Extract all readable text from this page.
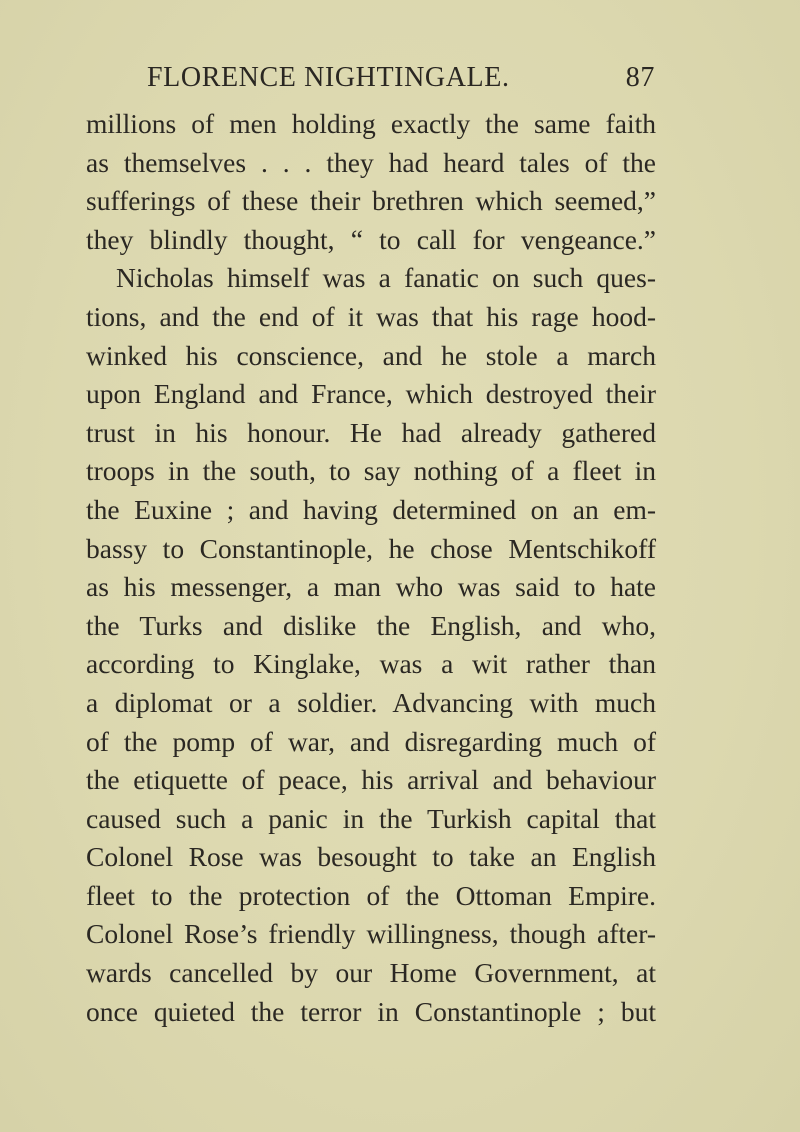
FLORENCE NIGHTINGALE.	87
millions of men holding exactly the same faith
as themselves . . . they had heard tales of the
sufferings of these their brethren which seemed,”
they blindly thought, “ to call for vengeance.”
Nicholas himself was a fanatic on such ques-
tions, and the end of it was that his rage hood-
winked his conscience, and he stole a march
upon England and France, which destroyed their
trust in his honour. He had already gathered
troops in the south, to say nothing of a fleet in
the Euxine ; and having determined on an em-
bassy to Constantinople, he chose Mentschikoff
as his messenger, a man who was said to hate
the Turks and dislike the English, and who,
according to Kinglake, was a wit rather than
a diplomat or a soldier. Advancing with much
of the pomp of war, and disregarding much of
the etiquette of peace, his arrival and behaviour
caused such a panic in the Turkish capital that
Colonel Rose was besought to take an English
fleet to the protection of the Ottoman Empire.
Colonel Rose’s friendly willingness, though after-
wards cancelled by our Home Government, at
once quieted the terror in Constantinople ; but
